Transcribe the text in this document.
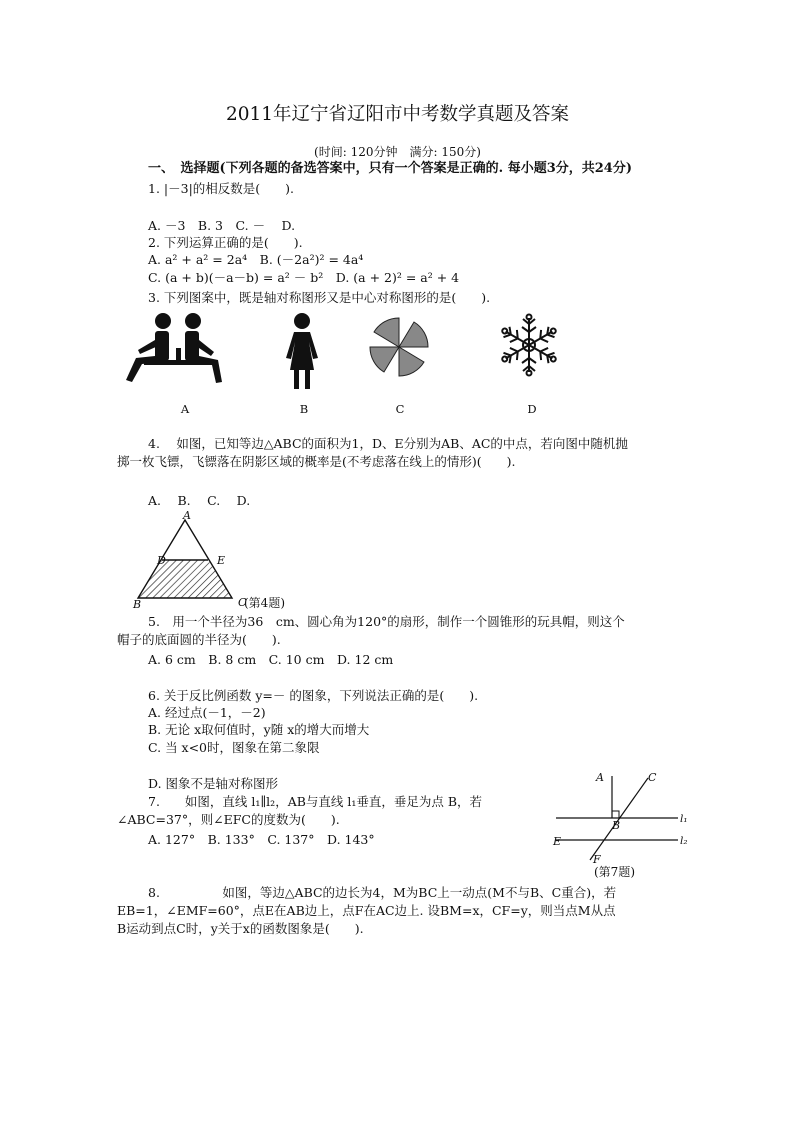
2011年辽宁省辽阳市中考数学真题及答案
(时间: 120分钟　满分: 150分)
一、　选择题(下列各题的备选答案中，只有一个答案是正确的. 每小题3分，共24分)
1. |－3|的相反数是(　　).
A. －3　B. 3　C. －　 D.
2. 下列运算正确的是(　　).
A. a² + a² = 2a⁴　B. (－2a²)² = 4a⁴
C. (a + b)(－a－b) = a² － b²　D. (a + 2)² = a² + 4
3. 下列图案中，既是轴对称图形又是中心对称图形的是(　　).
A	B	C	D
4.　 如图，已知等边△ABC的面积为1，D、E分别为AB、AC的中点，若向图中随机抛
掷一枚飞镖，飞镖落在阴影区域的概率是(不考虑落在线上的情形)(　　).
A.　 B.　 C.　 D.
A
D	E
B	C
(第4题)
5.　用一个半径为36　cm、圆心角为120°的扇形，制作一个圆锥形的玩具帽，则这个
帽子的底面圆的半径为(　　).
A. 6 cm　B. 8 cm　C. 10 cm　D. 12 cm
6. 关于反比例函数 y=－ 的图象，下列说法正确的是(　　).
A. 经过点(－1，－2)
B. 无论 x取何值时，y随 x的增大而增大
C. 当 x<0时，图象在第二象限
D. 图象不是轴对称图形
7.　　如图，直线 l₁∥l₂，AB与直线 l₁垂直，垂足为点 B，若
∠ABC=37°，则∠EFC的度数为(　　).
A. 127°　B. 133°　C. 137°　D. 143°
A	C
B
E
F
l₁
l₂
(第7题)
8.　　　　　如图，等边△ABC的边长为4，M为BC上一动点(M不与B、C重合)，若
EB=1，∠EMF=60°，点E在AB边上，点F在AC边上. 设BM=x，CF=y，则当点M从点
B运动到点C时，y关于x的函数图象是(　　).
